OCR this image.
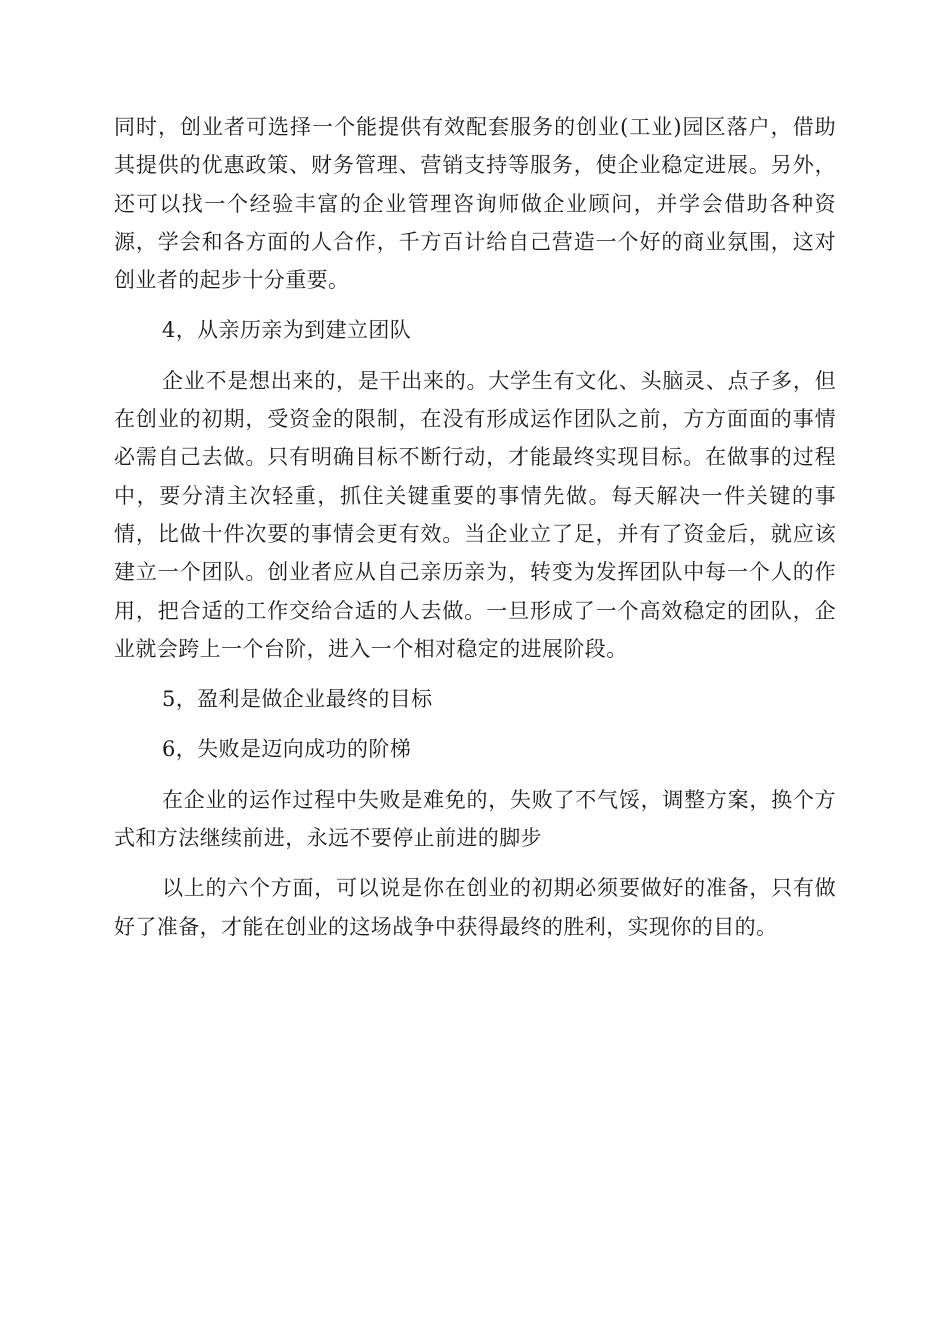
同时，创业者可选择一个能提供有效配套服务的创业(工业)园区落户，借助其提供的优惠政策、财务管理、营销支持等服务，使企业稳定进展。另外，还可以找一个经验丰富的企业管理咨询师做企业顾问，并学会借助各种资源，学会和各方面的人合作，千方百计给自己营造一个好的商业氛围，这对创业者的起步十分重要。

4，从亲历亲为到建立团队

企业不是想出来的，是干出来的。大学生有文化、头脑灵、点子多，但在创业的初期，受资金的限制，在没有形成运作团队之前，方方面面的事情必需自己去做。只有明确目标不断行动，才能最终实现目标。在做事的过程中，要分清主次轻重，抓住关键重要的事情先做。每天解决一件关键的事情，比做十件次要的事情会更有效。当企业立了足，并有了资金后，就应该建立一个团队。创业者应从自己亲历亲为，转变为发挥团队中每一个人的作用，把合适的工作交给合适的人去做。一旦形成了一个高效稳定的团队，企业就会跨上一个台阶，进入一个相对稳定的进展阶段。

5，盈利是做企业最终的目标

6，失败是迈向成功的阶梯

在企业的运作过程中失败是难免的，失败了不气馁，调整方案，换个方式和方法继续前进，永远不要停止前进的脚步

以上的六个方面，可以说是你在创业的初期必须要做好的准备，只有做好了准备，才能在创业的这场战争中获得最终的胜利，实现你的目的。
